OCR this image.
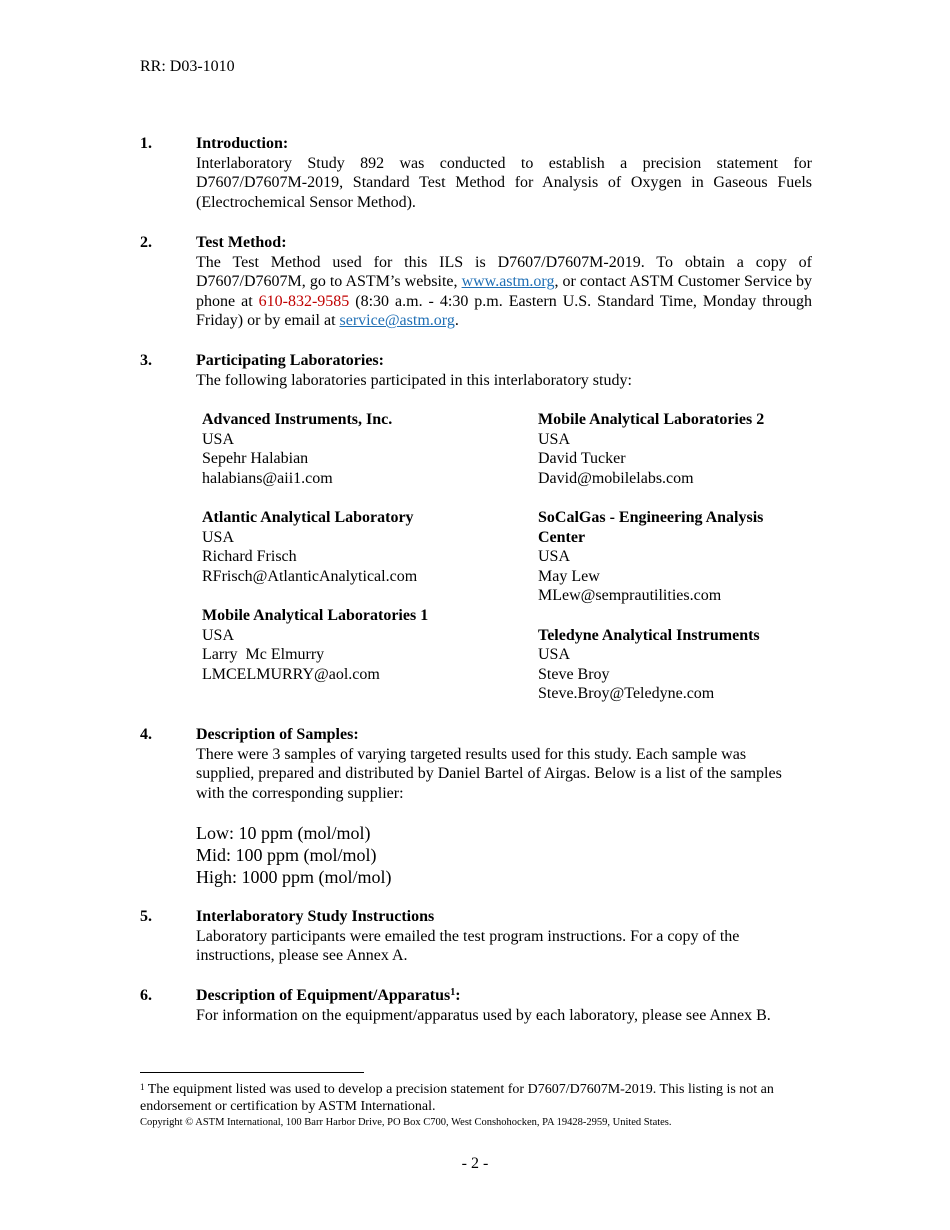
RR: D03-1010
1.	Introduction:
Interlaboratory Study 892 was conducted to establish a precision statement for D7607/D7607M-2019, Standard Test Method for Analysis of Oxygen in Gaseous Fuels (Electrochemical Sensor Method).
2.	Test Method:
The Test Method used for this ILS is D7607/D7607M-2019. To obtain a copy of D7607/D7607M, go to ASTM’s website, www.astm.org, or contact ASTM Customer Service by phone at 610-832-9585 (8:30 a.m. - 4:30 p.m. Eastern U.S. Standard Time, Monday through Friday) or by email at service@astm.org.
3.	Participating Laboratories:
The following laboratories participated in this interlaboratory study:
Advanced Instruments, Inc.
USA
Sepehr Halabian
halabians@aii1.com
Atlantic Analytical Laboratory
USA
Richard Frisch
RFrisch@AtlanticAnalytical.com
Mobile Analytical Laboratories 1
USA
Larry  Mc Elmurry
LMCELMURRY@aol.com
Mobile Analytical Laboratories 2
USA
David Tucker
David@mobilelabs.com
SoCalGas - Engineering Analysis Center
USA
May Lew
MLew@semprautilities.com
Teledyne Analytical Instruments
USA
Steve Broy
Steve.Broy@Teledyne.com
4.	Description of Samples:
There were 3 samples of varying targeted results used for this study. Each sample was supplied, prepared and distributed by Daniel Bartel of Airgas. Below is a list of the samples with the corresponding supplier:
Low: 10 ppm (mol/mol)
Mid: 100 ppm (mol/mol)
High: 1000 ppm (mol/mol)
5.	Interlaboratory Study Instructions
Laboratory participants were emailed the test program instructions. For a copy of the instructions, please see Annex A.
6.	Description of Equipment/Apparatus$^1$:
For information on the equipment/apparatus used by each laboratory, please see Annex B.
$^1$ The equipment listed was used to develop a precision statement for D7607/D7607M-2019. This listing is not an endorsement or certification by ASTM International.
Copyright © ASTM International, 100 Barr Harbor Drive, PO Box C700, West Conshohocken, PA 19428-2959, United States.
- 2 -
